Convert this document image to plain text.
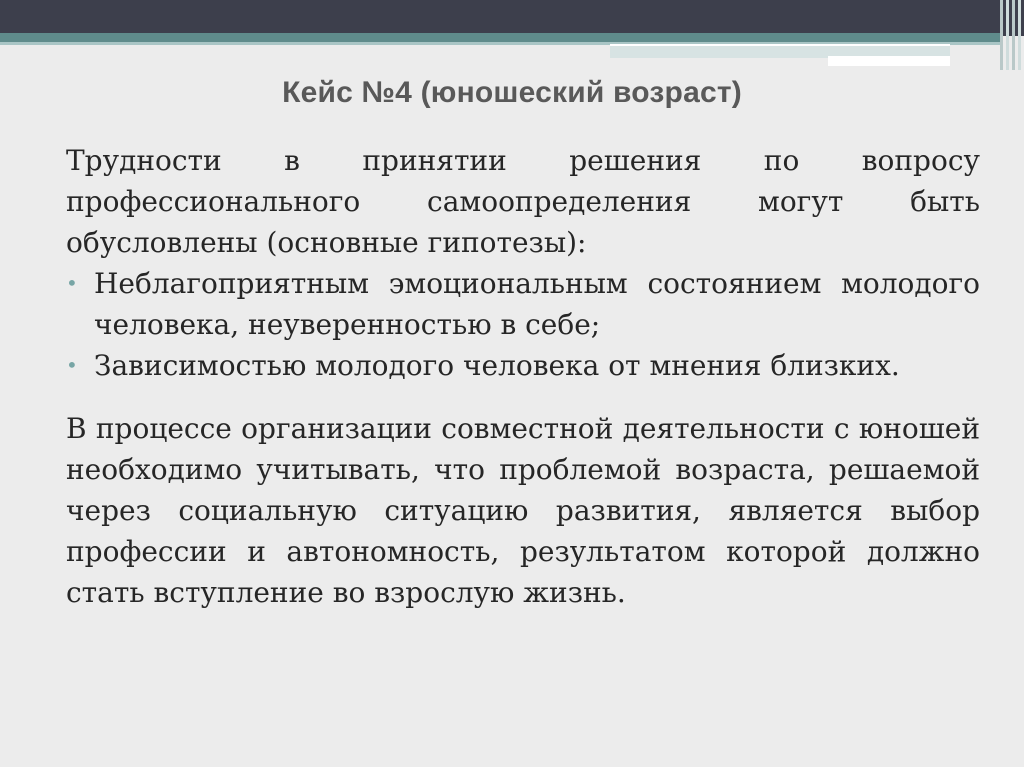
Кейс №4 (юношеский возраст)

Трудности в принятии решения по вопросу профессионального самоопределения могут быть обусловлены (основные гипотезы):

• Неблагоприятным эмоциональным состоянием молодого человека, неуверенностью в себе;
• Зависимостью молодого человека от мнения близких.

В процессе организации совместной деятельности с юношей необходимо учитывать, что проблемой возраста, решаемой через социальную ситуацию развития, является выбор профессии и автономность, результатом которой должно стать вступление во взрослую жизнь.
